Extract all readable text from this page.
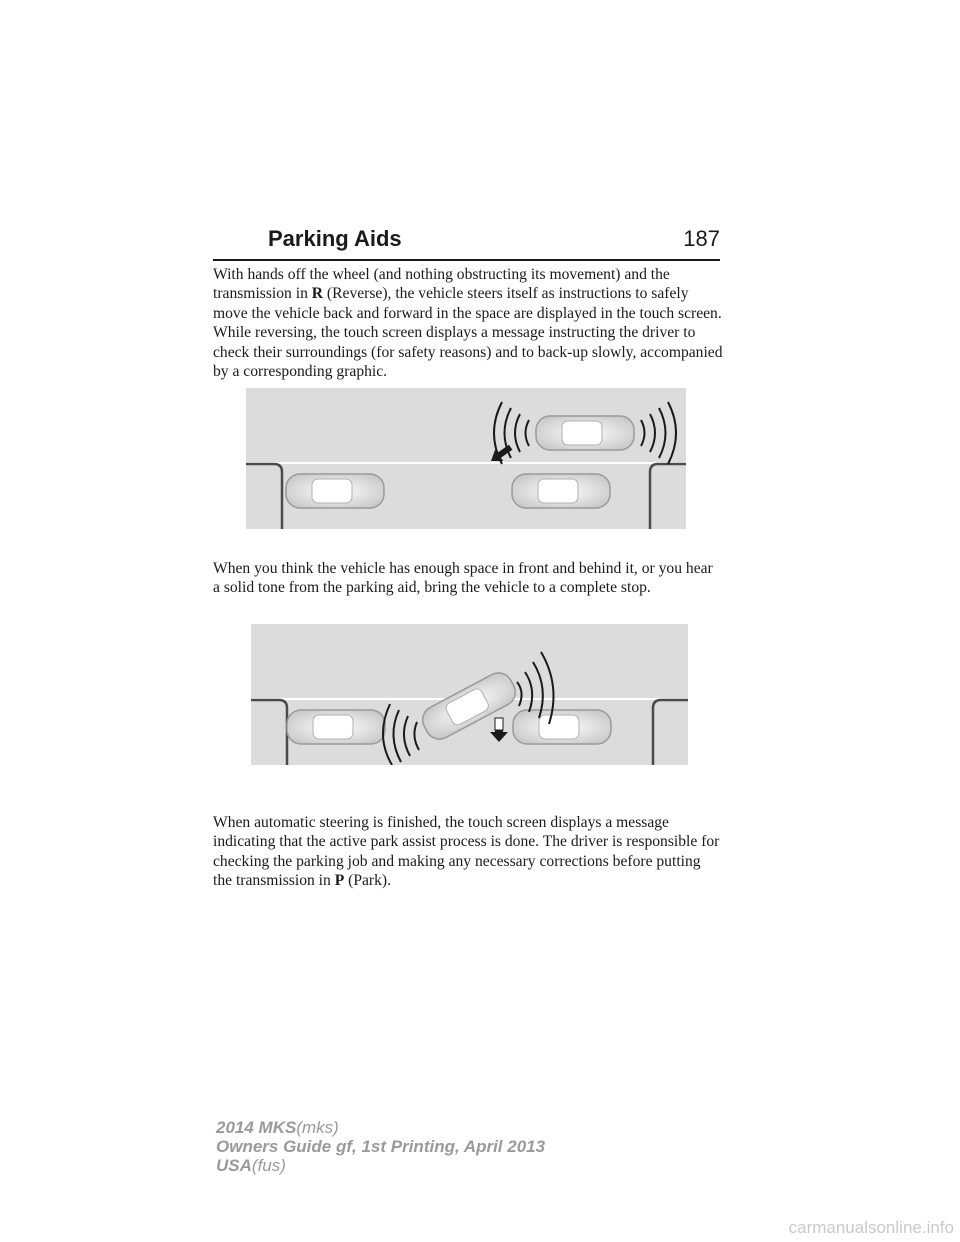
Parking Aids	187

With hands off the wheel (and nothing obstructing its movement) and the transmission in R (Reverse), the vehicle steers itself as instructions to safely move the vehicle back and forward in the space are displayed in the touch screen. While reversing, the touch screen displays a message instructing the driver to check their surroundings (for safety reasons) and to back-up slowly, accompanied by a corresponding graphic.

When you think the vehicle has enough space in front and behind it, or you hear a solid tone from the parking aid, bring the vehicle to a complete stop.

When automatic steering is finished, the touch screen displays a message indicating that the active park assist process is done. The driver is responsible for checking the parking job and making any necessary corrections before putting the transmission in P (Park).

2014 MKS(mks)
Owners Guide gf, 1st Printing, April 2013
USA(fus)
carmanualsonline.info
